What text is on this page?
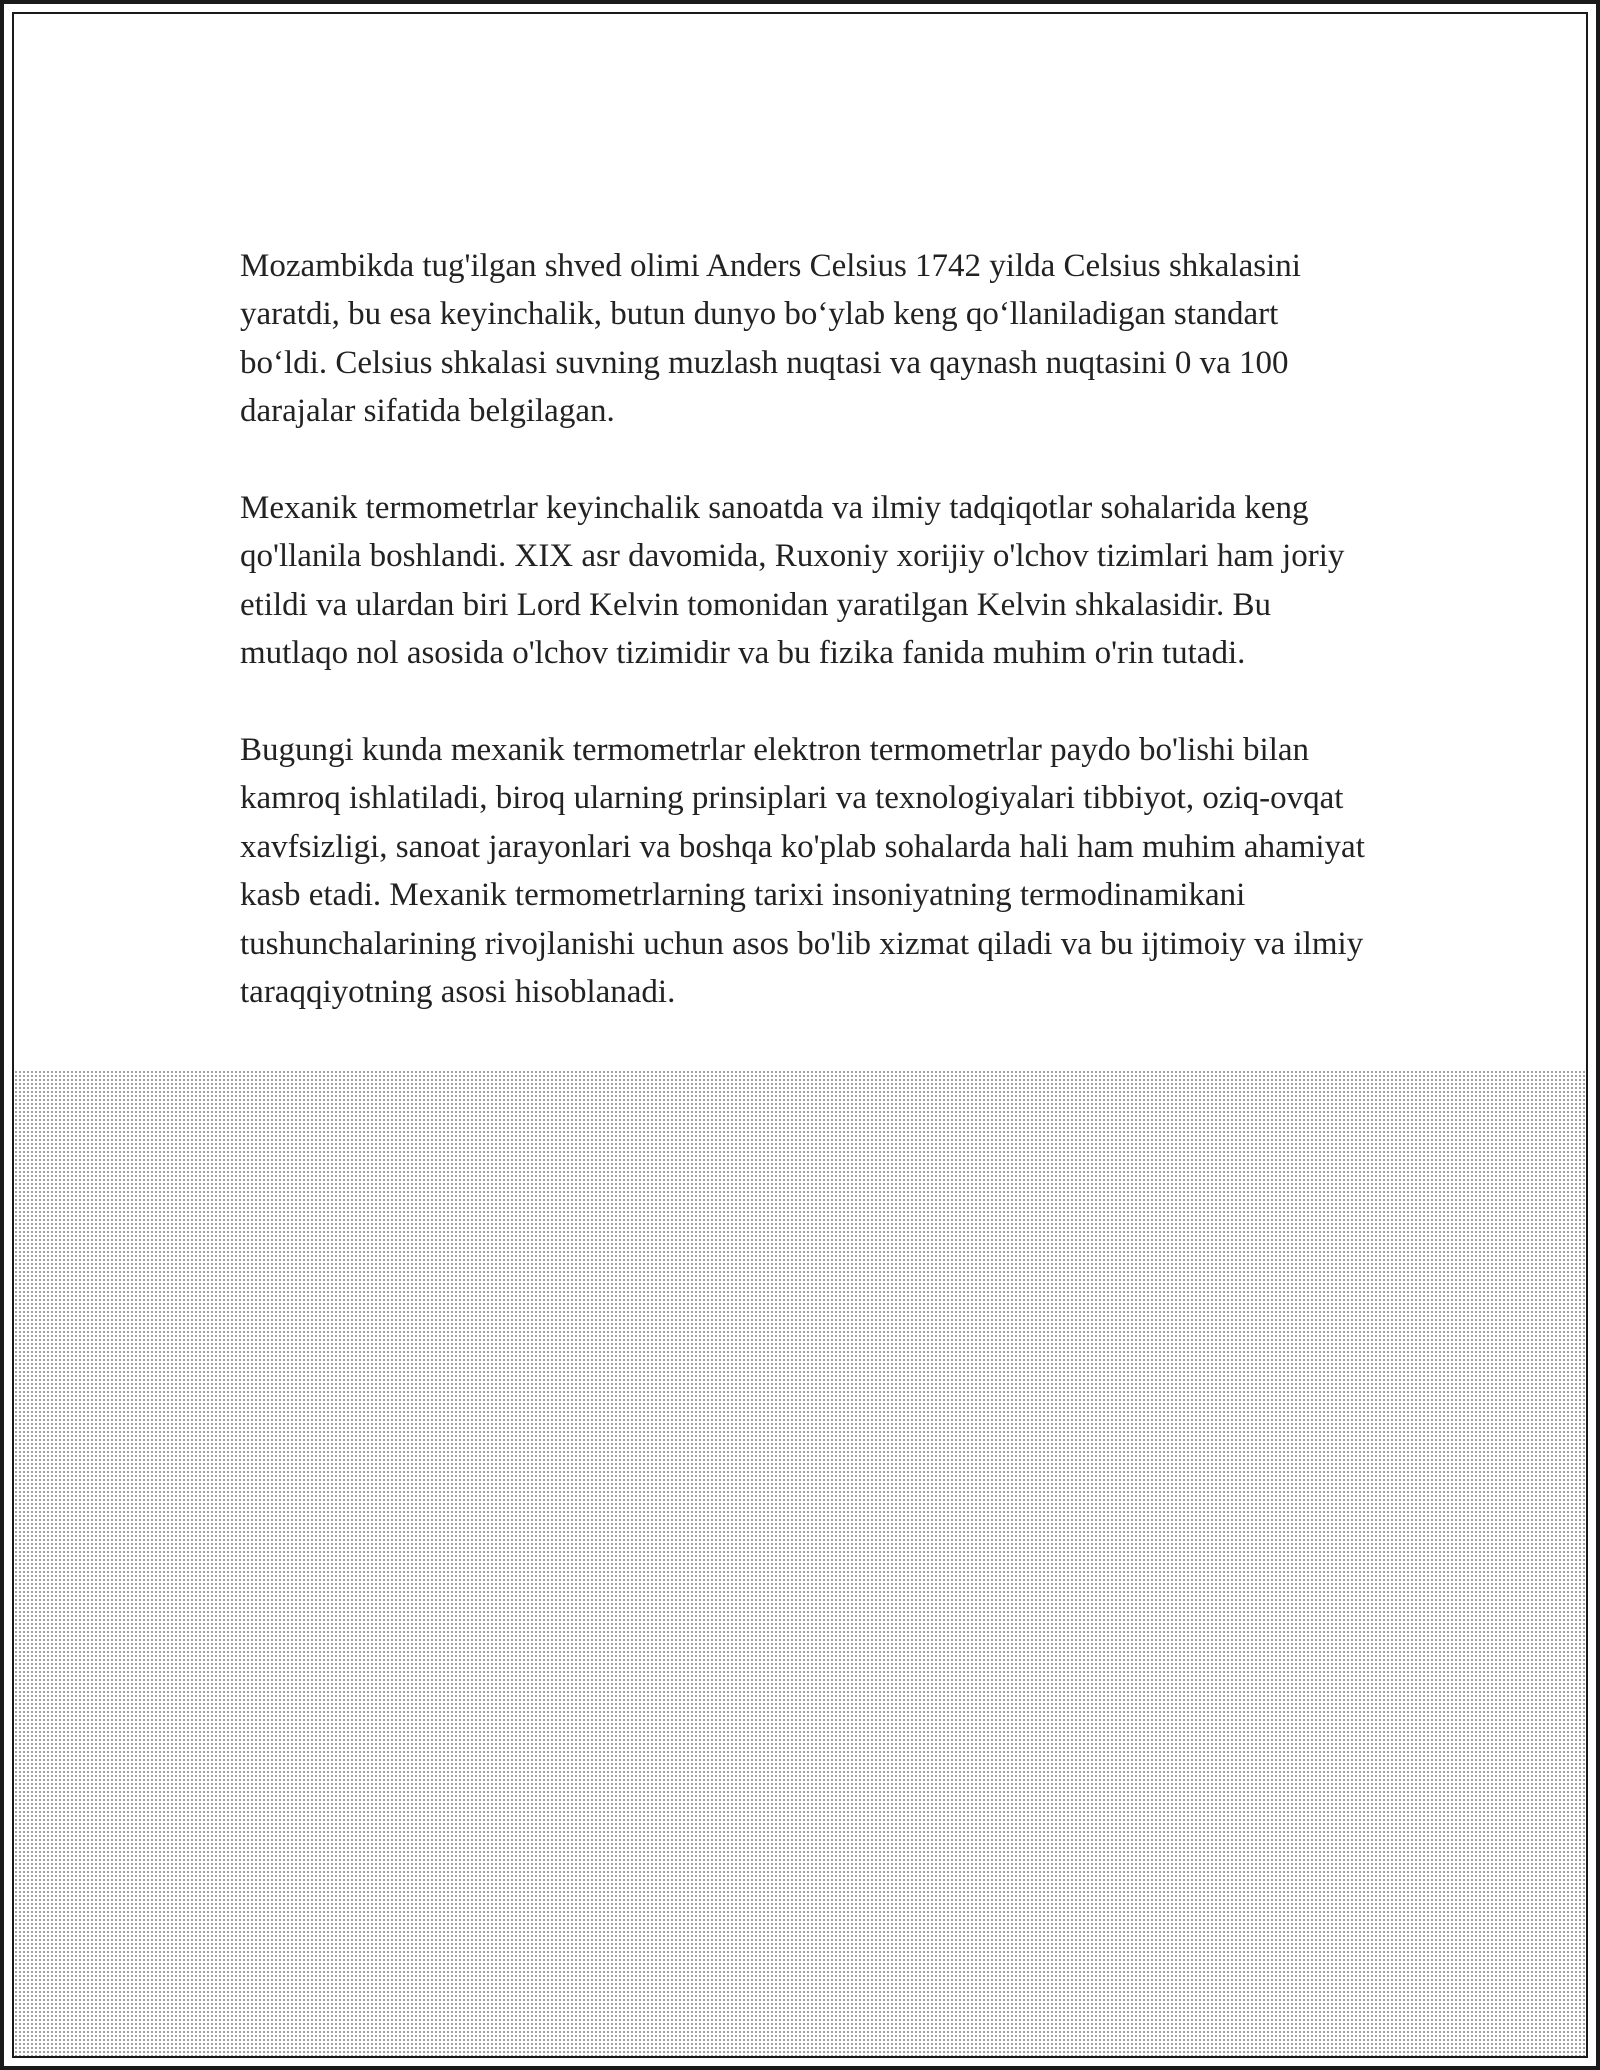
Mozambikda tug'ilgan shved olimi Anders Celsius 1742 yilda Celsius shkalasini yaratdi, bu esa keyinchalik, butun dunyo bo‘ylab keng qo‘llaniladigan standart bo‘ldi. Celsius shkalasi suvning muzlash nuqtasi va qaynash nuqtasini 0 va 100 darajalar sifatida belgilagan.

Mexanik termometrlar keyinchalik sanoatda va ilmiy tadqiqotlar sohalarida keng qo'llanila boshlandi. XIX asr davomida, Ruxoniy xorijiy o'lchov tizimlari ham joriy etildi va ulardan biri Lord Kelvin tomonidan yaratilgan Kelvin shkalasidir. Bu mutlaqo nol asosida o'lchov tizimidir va bu fizika fanida muhim o'rin tutadi.

Bugungi kunda mexanik termometrlar elektron termometrlar paydo bo'lishi bilan kamroq ishlatiladi, biroq ularning prinsiplari va texnologiyalari tibbiyot, oziq-ovqat xavfsizligi, sanoat jarayonlari va boshqa ko'plab sohalarda hali ham muhim ahamiyat kasb etadi. Mexanik termometrlarning tarixi insoniyatning termodinamikani tushunchalarining rivojlanishi uchun asos bo'lib xizmat qiladi va bu ijtimoiy va ilmiy taraqqiyotning asosi hisoblanadi.
